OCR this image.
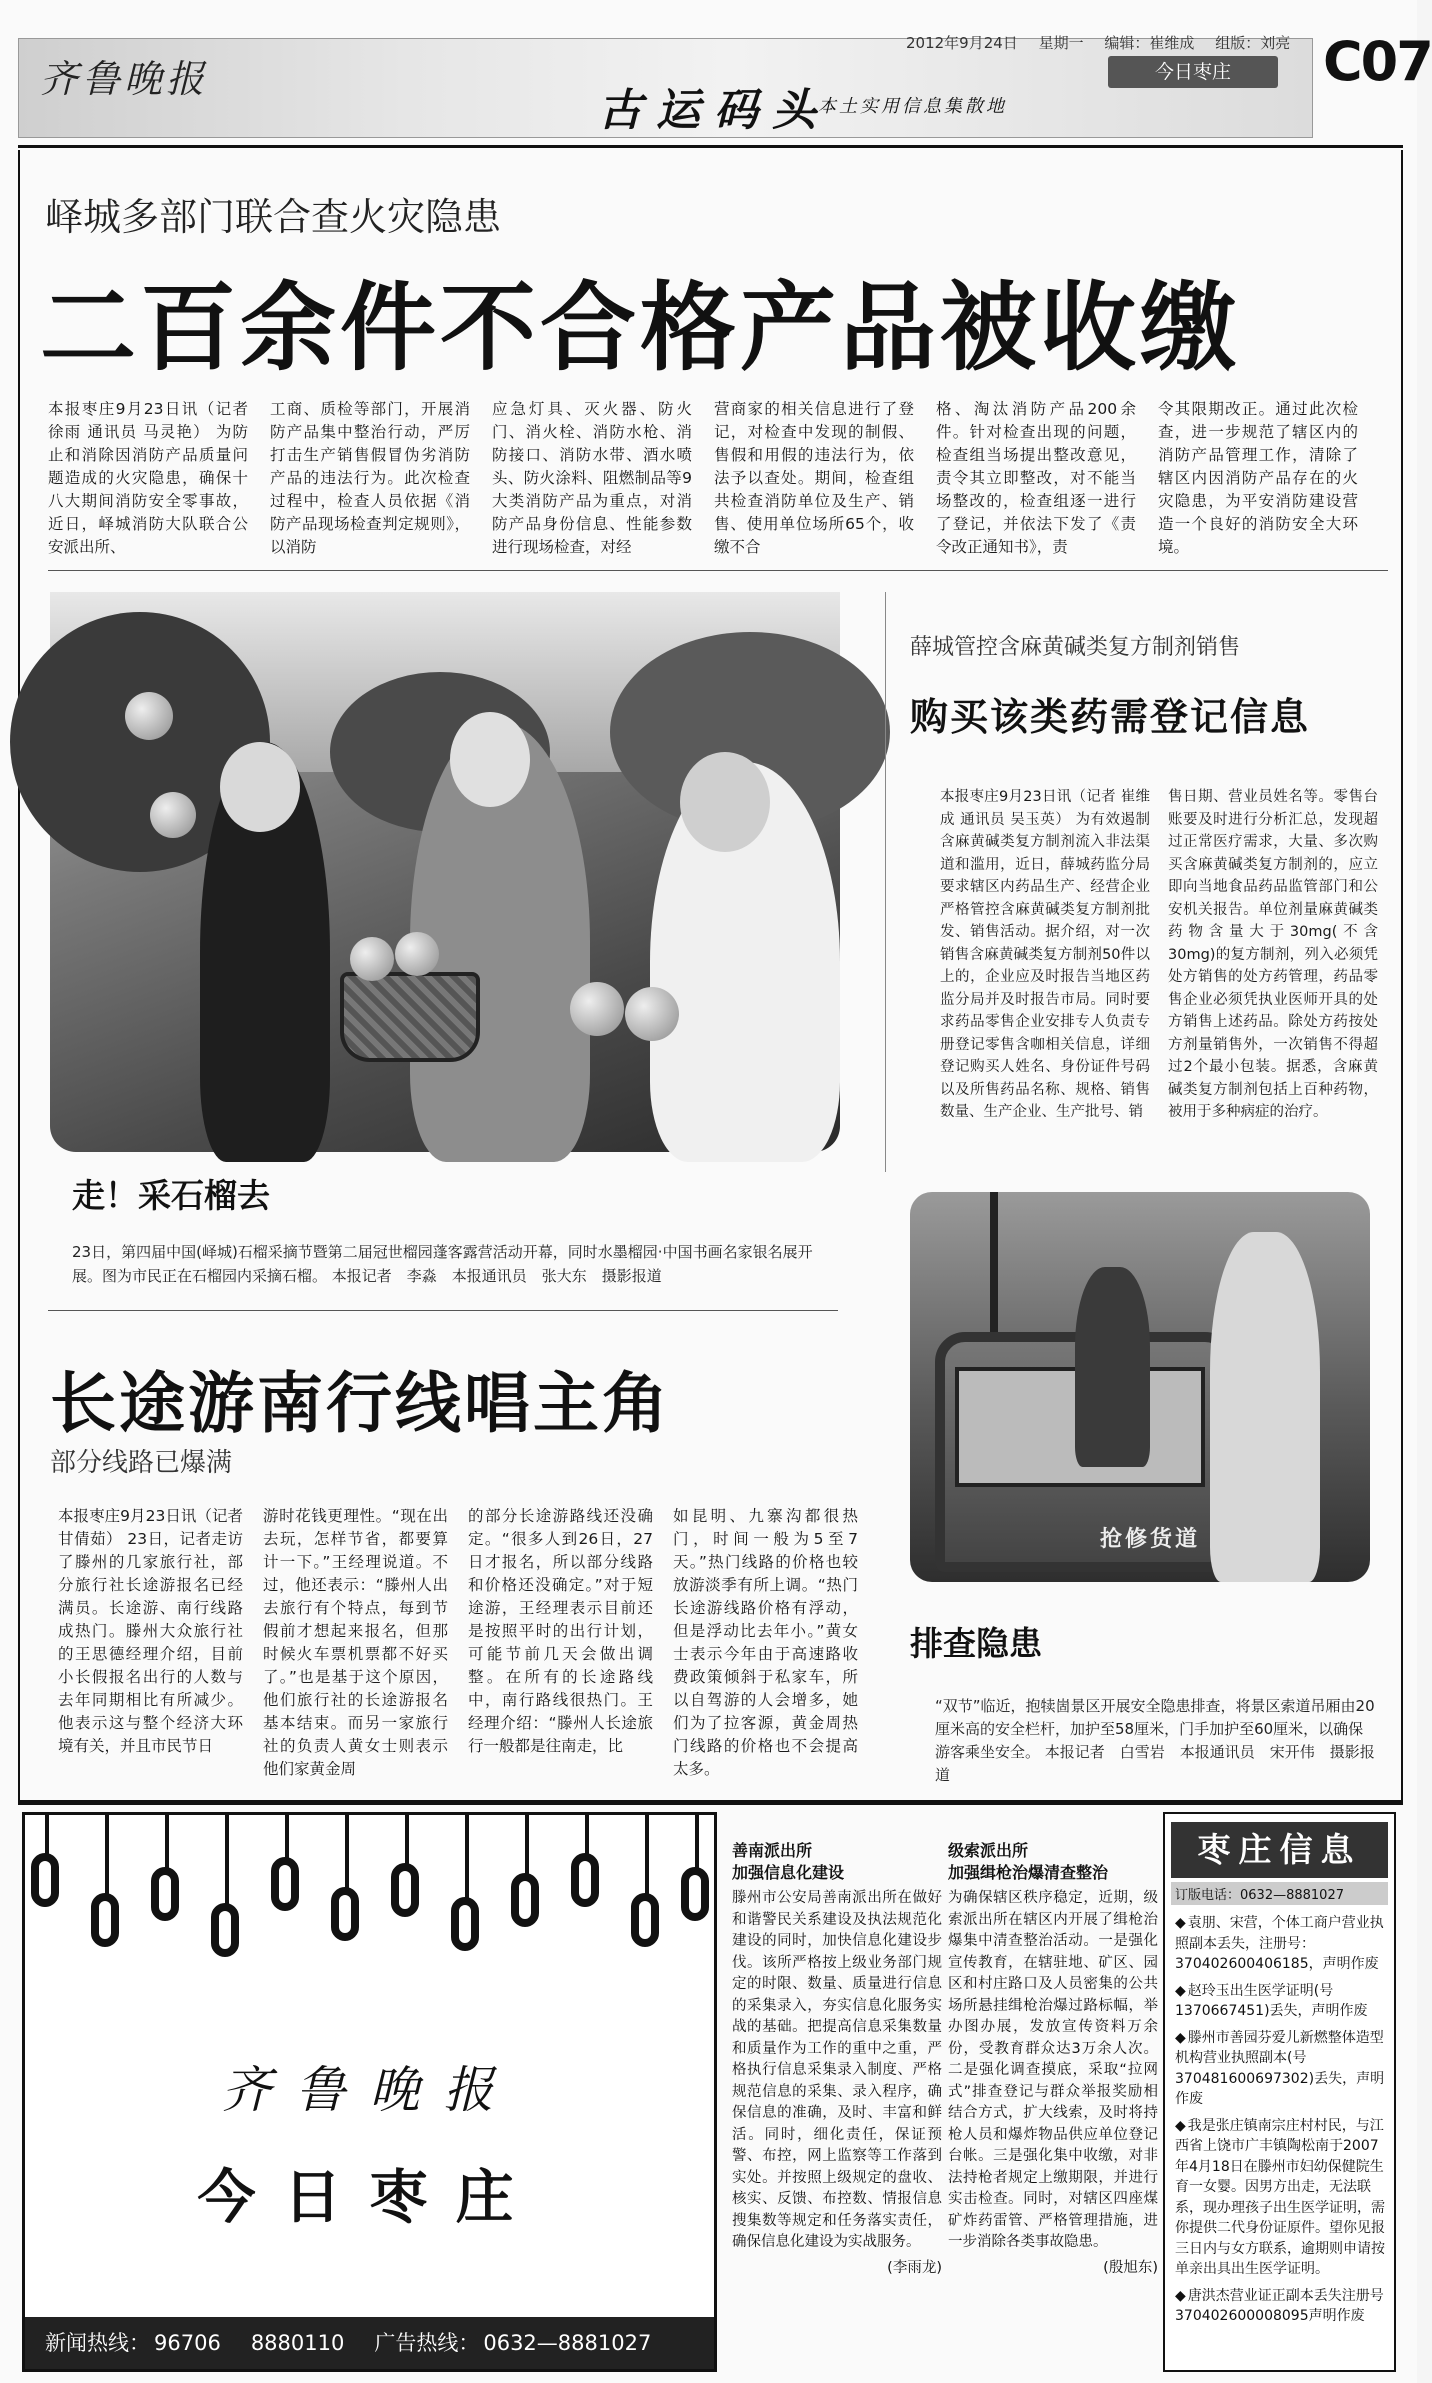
齐鲁晚报
古运码头
本土实用信息集散地
2012年9月24日 星期一 编辑：崔维成 组版：刘亮
今日枣庄	C07
峄城多部门联合查火灾隐患
二百余件不合格产品被收缴

本报枣庄9月23日讯（记者 徐雨 通讯员 马灵艳） 为防止和消除因消防产品质量问题造成的火灾隐患，确保十八大期间消防安全零事故，近日，峄城消防大队联合公安派出所、

工商、质检等部门，开展消防产品集中整治行动，严厉打击生产销售假冒伪劣消防产品的违法行为。此次检查过程中，检查人员依据《消防产品现场检查判定规则》，以消防

应急灯具、灭火器、防火门、消火栓、消防水枪、消防接口、消防水带、酒水喷头、防火涂料、阻燃制品等9大类消防产品为重点，对消防产品身份信息、性能参数进行现场检查，对经

营商家的相关信息进行了登记，对检查中发现的制假、售假和用假的违法行为，依法予以查处。期间，检查组共检查消防单位及生产、销售、使用单位场所65个，收缴不合

格、淘汰消防产品200余件。针对检查出现的问题，检查组当场提出整改意见，责令其立即整改，对不能当场整改的，检查组逐一进行了登记，并依法下发了《责令改正通知书》，责

令其限期改正。通过此次检查，进一步规范了辖区内的消防产品管理工作，清除了辖区内因消防产品存在的火灾隐患，为平安消防建设营造一个良好的消防安全大环境。

走！采石榴去
23日，第四届中国(峄城)石榴采摘节暨第二届冠世榴园蓬客露营活动开幕，同时水墨榴园·中国书画名家银名展开展。图为市民正在石榴园内采摘石榴。 本报记者　李淼　本报通讯员　张大东　摄影报道
长途游南行线唱主角
部分线路已爆满

本报枣庄9月23日讯（记者 甘倩茹） 23日，记者走访了滕州的几家旅行社，部分旅行社长途游报名已经满员。长途游、南行线路成热门。滕州大众旅行社的王思德经理介绍，目前小长假报名出行的人数与去年同期相比有所减少。他表示这与整个经济大环境有关，并且市民节日

游时花钱更理性。“现在出去玩，怎样节省，都要算计一下。”王经理说道。不过，他还表示：“滕州人出去旅行有个特点，每到节假前才想起来报名，但那时候火车票机票都不好买了。”也是基于这个原因，他们旅行社的长途游报名基本结束。而另一家旅行社的负责人黄女士则表示他们家黄金周

的部分长途游路线还没确定。“很多人到26日，27日才报名，所以部分线路和价格还没确定。”对于短途游，王经理表示目前还是按照平时的出行计划，可能节前几天会做出调整。在所有的长途路线中，南行路线很热门。王经理介绍：“滕州人长途旅行一般都是往南走，比

如昆明、九寨沟都很热门，时间一般为5至7天。”热门线路的价格也较放游淡季有所上调。“热门长途游线路价格有浮动，但是浮动比去年小。”黄女士表示今年由于高速路收费政策倾斜于私家车，所以自驾游的人会增多，她们为了拉客源，黄金周热门线路的价格也不会提高太多。

薛城管控含麻黄碱类复方制剂销售
购买该类药需登记信息

本报枣庄9月23日讯（记者 崔维成 通讯员 吴玉英） 为有效遏制含麻黄碱类复方制剂流入非法渠道和滥用，近日，薛城药监分局要求辖区内药品生产、经营企业严格管控含麻黄碱类复方制剂批发、销售活动。据介绍，对一次销售含麻黄碱类复方制剂50件以上的，企业应及时报告当地区药监分局并及时报告市局。同时要求药品零售企业安排专人负责专册登记零售含咖相关信息，详细登记购买人姓名、身份证件号码以及所售药品名称、规格、销售数量、生产企业、生产批号、销

售日期、营业员姓名等。零售台账要及时进行分析汇总，发现超过正常医疗需求，大量、多次购买含麻黄碱类复方制剂的，应立即向当地食品药品监管部门和公安机关报告。单位剂量麻黄碱类药物含量大于30mg(不含30mg)的复方制剂，列入必须凭处方销售的处方药管理，药品零售企业必须凭执业医师开具的处方销售上述药品。除处方药按处方剂量销售外，一次销售不得超过2个最小包装。据悉，含麻黄碱类复方制剂包括上百种药物，被用于多种病症的治疗。

抢修货道
排查隐患
“双节”临近，抱犊崮景区开展安全隐患排查，将景区索道吊厢由20厘米高的安全栏杆，加护至58厘米，门手加护至60厘米，以确保游客乘坐安全。 本报记者　白雪岩　本报通讯员　宋开伟　摄影报道
齐鲁晚报
今日枣庄
新闻热线： 96706 8880110 广告热线： 0632—8881027
善南派出所
加强信息化建设

滕州市公安局善南派出所在做好和谐警民关系建设及执法规范化建设的同时，加快信息化建设步伐。该所严格按上级业务部门规定的时限、数量、质量进行信息的采集录入，夯实信息化服务实战的基础。把提高信息采集数量和质量作为工作的重中之重，严格执行信息采集录入制度、严格规范信息的采集、录入程序，确保信息的准确，及时、丰富和鲜活。同时，细化责任，保证预警、布控，网上监察等工作落到实处。并按照上级规定的盘收、核实、反馈、布控数、情报信息搜集数等规定和任务落实责任，确保信息化建设为实战服务。

(李雨龙)
级索派出所
加强缉枪治爆清查整治

为确保辖区秩序稳定，近期，级索派出所在辖区内开展了缉枪治爆集中清查整治活动。一是强化宣传教育，在辖驻地、矿区、园区和村庄路口及人员密集的公共场所悬挂缉枪治爆过路标幅，举办图办展，发放宣传资料万余份，受教育群众达3万余人次。二是强化调查摸底，采取“拉网式”排查登记与群众举报奖励相结合方式，扩大线索，及时将持枪人员和爆炸物品供应单位登记台帐。三是强化集中收缴，对非法持枪者规定上缴期限，并进行实击检查。同时，对辖区四座煤矿炸药雷管、严格管理措施，进一步消除各类事故隐患。

(殷旭东)
枣庄信息
订版电话：0632—8881027
◆ 袁朋、宋营，个体工商户营业执照副本丢失，注册号：370402600406185，声明作废
◆ 赵玲玉出生医学证明(号1370667451)丢失，声明作废
◆ 滕州市善园芬爱儿新燃整体造型机构营业执照副本(号370481600697302)丢失，声明作废
◆ 我是张庄镇南宗庄村村民，与江西省上饶市广丰镇陶松南于2007年4月18日在滕州市妇幼保健院生育一女婴。因男方出走，无法联系，现办理孩子出生医学证明，需你提供二代身份证原件。望你见报三日内与女方联系，逾期则申请按单亲出具出生医学证明。
◆ 唐洪杰营业证正副本丢失注册号370402600008095声明作废
